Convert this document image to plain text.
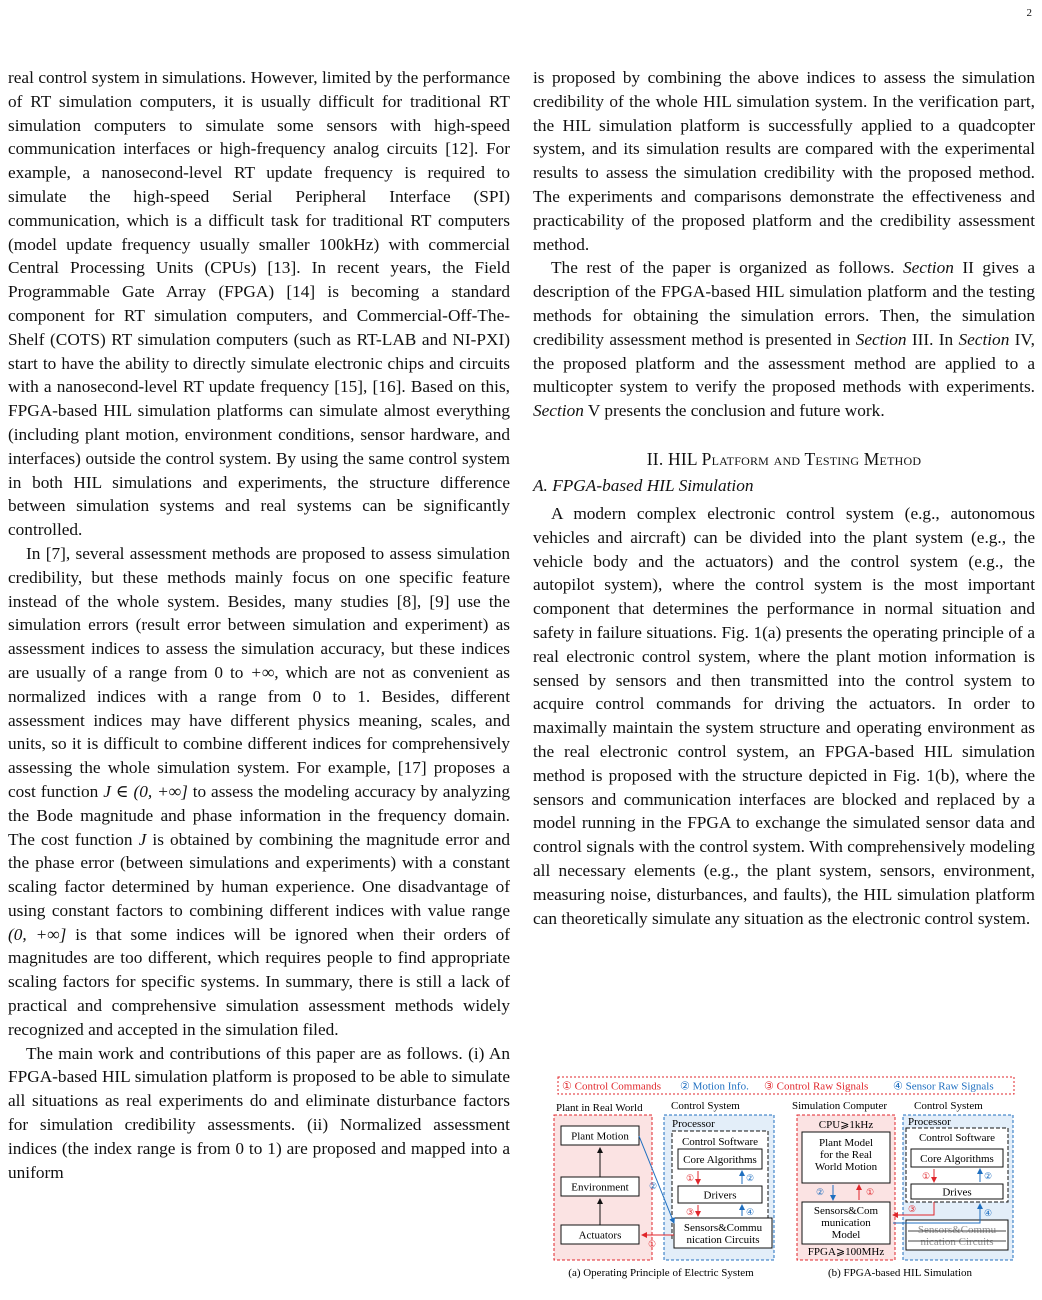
2

real control system in simulations. However, limited by the performance of RT simulation computers, it is usually difficult for traditional RT simulation computers to simulate some sensors with high-speed communication interfaces or high-frequency analog circuits [12]. For example, a nanosecond-level RT update frequency is required to simulate the high-speed Serial Peripheral Interface (SPI) communication, which is a difficult task for traditional RT computers (model update frequency usually smaller 100kHz) with commercial Central Processing Units (CPUs) [13]. In recent years, the Field Programmable Gate Array (FPGA) [14] is becoming a standard component for RT simulation computers, and Commercial-Off-The-Shelf (COTS) RT simulation computers (such as RT-LAB and NI-PXI) start to have the ability to directly simulate electronic chips and circuits with a nanosecond-level RT update frequency [15], [16]. Based on this, FPGA-based HIL simulation platforms can simulate almost everything (including plant motion, environment conditions, sensor hardware, and interfaces) outside the control system. By using the same control system in both HIL simulations and experiments, the structure difference between simulation systems and real systems can be significantly controlled.

In [7], several assessment methods are proposed to assess simulation credibility, but these methods mainly focus on one specific feature instead of the whole system. Besides, many studies [8], [9] use the simulation errors (result error between simulation and experiment) as assessment indices to assess the simulation accuracy, but these indices are usually of a range from 0 to +∞, which are not as convenient as normalized indices with a range from 0 to 1. Besides, different assessment indices may have different physics meaning, scales, and units, so it is difficult to combine different indices for comprehensively assessing the whole simulation system. For example, [17] proposes a cost function J ∈ (0, +∞] to assess the modeling accuracy by analyzing the Bode magnitude and phase information in the frequency domain. The cost function J is obtained by combining the magnitude error and the phase error (between simulations and experiments) with a constant scaling factor determined by human experience. One disadvantage of using constant factors to combining different indices with value range (0, +∞] is that some indices will be ignored when their orders of magnitudes are too different, which requires people to find appropriate scaling factors for specific systems. In summary, there is still a lack of practical and comprehensive simulation assessment methods widely recognized and accepted in the simulation filed.

The main work and contributions of this paper are as follows. (i) An FPGA-based HIL simulation platform is proposed to be able to simulate all situations as real experiments do and eliminate disturbance factors for simulation credibility assessments. (ii) Normalized assessment indices (the index range is from 0 to 1) are proposed and mapped into a uniform

is proposed by combining the above indices to assess the simulation credibility of the whole HIL simulation system. In the verification part, the HIL simulation platform is successfully applied to a quadcopter system, and its simulation results are compared with the experimental results to assess the simulation credibility with the proposed method. The experiments and comparisons demonstrate the effectiveness and practicability of the proposed platform and the credibility assessment method.

The rest of the paper is organized as follows. Section II gives a description of the FPGA-based HIL simulation platform and the testing methods for obtaining the simulation errors. Then, the simulation credibility assessment method is presented in Section III. In Section IV, the proposed platform and the assessment method are applied to a multicopter system to verify the proposed methods with experiments. Section V presents the conclusion and future work.

II. HIL Platform and Testing Method
A. FPGA-based HIL Simulation

A modern complex electronic control system (e.g., autonomous vehicles and aircraft) can be divided into the plant system (e.g., the vehicle body and the actuators) and the control system (e.g., the autopilot system), where the control system is the most important component that determines the performance in normal situation and safety in failure situations. Fig. 1(a) presents the operating principle of a real electronic control system, where the plant motion information is sensed by sensors and then transmitted into the control system to acquire control commands for driving the actuators. In order to maximally maintain the system structure and operating environment as the real electronic control system, an FPGA-based HIL simulation method is proposed with the structure depicted in Fig. 1(b), where the sensors and communication interfaces are blocked and replaced by a model running in the FPGA to exchange the simulated sensor data and control signals with the control system. With comprehensively modeling all necessary elements (e.g., the plant system, sensors, environment, measuring noise, disturbances, and faults), the HIL simulation platform can theoretically simulate any situation as the electronic control system.

① Control Commands ② Motion Info. ③ Control Raw Signals ④ Sensor Raw Signals
Plant in Real World	Control System
Plant Motion
Environment
Actuators
Processor
Control Software
Core Algorithms
Drivers
Sensors&Commu
nication Circuits
①	②
③	④
②
①
Simulation Computer Control System
CPU⩾1kHz
Plant Model
for the Real
World Motion
Sensors&Com
munication
Model
FPGA⩾100MHz
②	①
Processor
Control Software
Core Algorithms
Drives
①	②
Sensors&Commu
nication Circuits
③	④
(a) Operating Principle of Electric System	(b) FPGA-based HIL Simulation
